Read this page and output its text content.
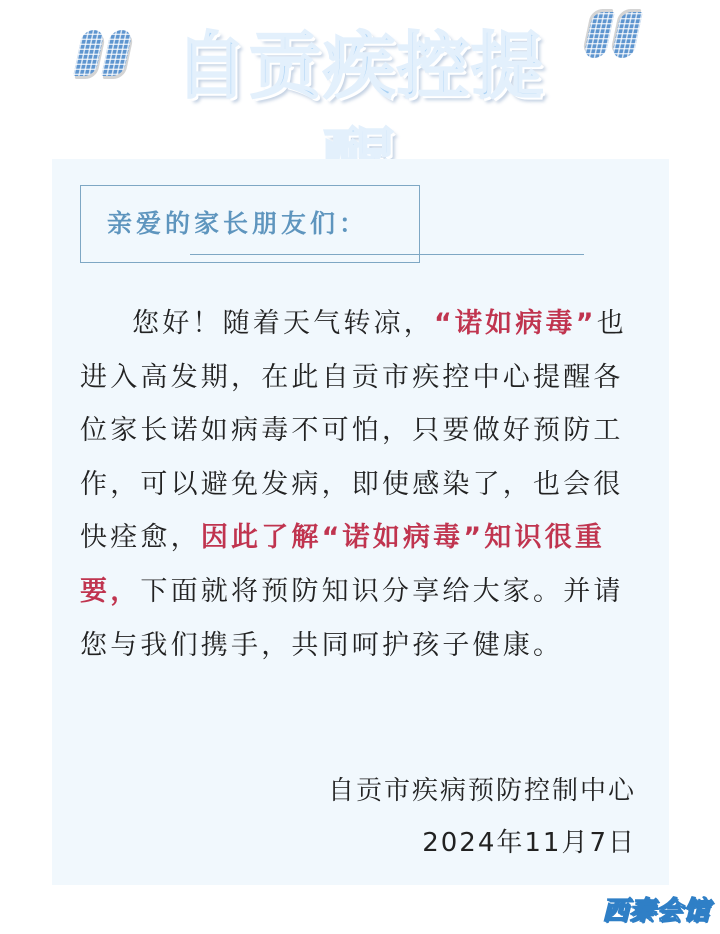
自贡疾控提
亲爱的家长朋友们：

您好！随着天气转凉，“诺如病毒”也进入高发期，在此自贡市疾控中心提醒各位家长诺如病毒不可怕，只要做好预防工作，可以避免发病，即使感染了，也会很快痊愈，因此了解“诺如病毒”知识很重要，下面就将预防知识分享给大家。并请您与我们携手，共同呵护孩子健康。

自贡市疾病预防控制中心
2024年11月7日
西秦会馆
